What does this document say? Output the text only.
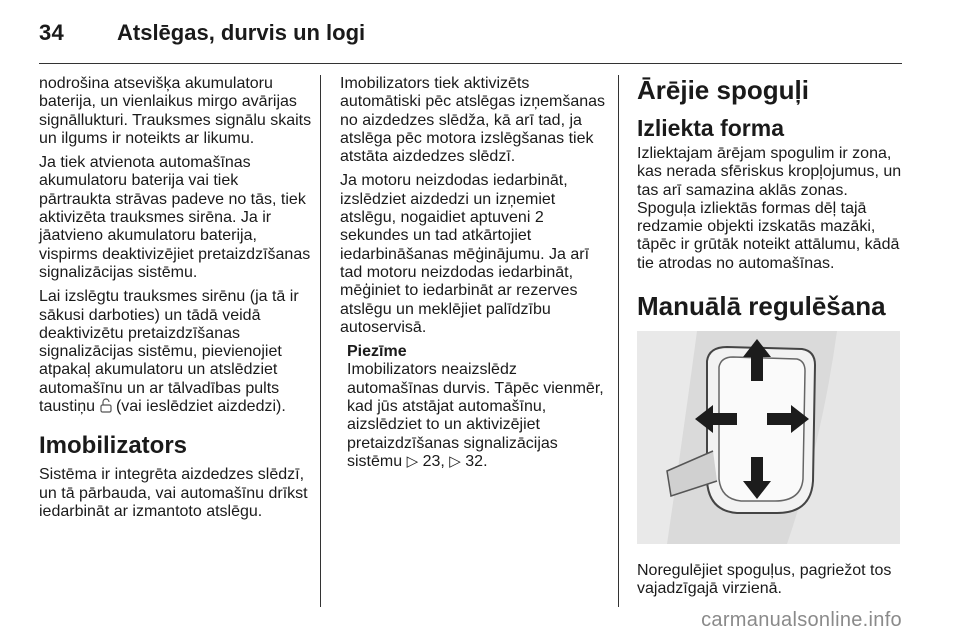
34 Atslēgas, durvis un logi

nodrošina atsevišķa akumulatoru baterija, un vienlaikus mirgo avārijas signāllukturi. Trauksmes signālu skaits un ilgums ir noteikts ar likumu.

Ja tiek atvienota automašīnas akumulatoru baterija vai tiek pārtraukta strāvas padeve no tās, tiek aktivizēta trauksmes sirēna. Ja ir jāatvieno akumulatoru baterija, vispirms deaktivizējiet pretaizdzīšanas signalizācijas sistēmu.

Lai izslēgtu trauksmes sirēnu (ja tā ir sākusi darboties) un tādā veidā deaktivizētu pretaizdzīšanas signalizācijas sistēmu, pievienojiet atpakaļ akumulatoru un atslēdziet automašīnu un ar tālvadības pults taustiņu (vai ieslēdziet aizdedzi).

Imobilizators

Sistēma ir integrēta aizdedzes slēdzī, un tā pārbauda, vai automašīnu drīkst iedarbināt ar izmantoto atslēgu.

Imobilizators tiek aktivizēts automātiski pēc atslēgas izņemšanas no aizdedzes slēdža, kā arī tad, ja atslēga pēc motora izslēgšanas tiek atstāta aizdedzes slēdzī.

Ja motoru neizdodas iedarbināt, izslēdziet aizdedzi un izņemiet atslēgu, nogaidiet aptuveni 2 sekundes un tad atkārtojiet iedarbināšanas mēģinājumu. Ja arī tad motoru neizdodas iedarbināt, mēģiniet to iedarbināt ar rezerves atslēgu un meklējiet palīdzību autoservisā.

Piezīme
Imobilizators neaizslēdz automašīnas durvis. Tāpēc vienmēr, kad jūs atstājat automašīnu, aizslēdziet to un aktivizējiet pretaizdzīšanas signalizācijas sistēmu ▷ 23, ▷ 32.
Ārējie spoguļi
Izliekta forma

Izliektajam ārējam spogulim ir zona, kas nerada sfēriskus kropļojumus, un tas arī samazina aklās zonas. Spoguļa izliektās formas dēļ tajā redzamie objekti izskatās mazāki, tāpēc ir grūtāk noteikt attālumu, kādā tie atrodas no automašīnas.

Manuālā regulēšana

Noregulējiet spoguļus, pagriežot tos vajadzīgajā virzienā.

carmanualsonline.info
